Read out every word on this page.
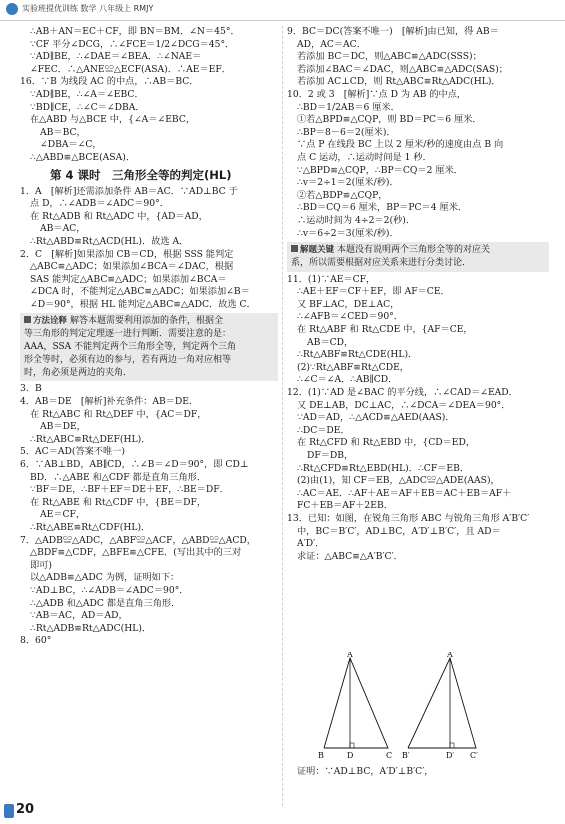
实验班提优训练 数学 八年级上 RMJY
∴AB＋AN＝EC＋CF，即 BN＝BM．∠N＝45°．
∵CF 平分∠DCG，∴∠FCE＝1/2∠DCG＝45°．
∵AD∥BE，∴∠DAE＝∠BEA．∴∠NAE＝
∠FEC．∴△ANE≌△ECF(ASA)．∴AE＝EF．
16．∵B 为线段 AC 的中点，∴AB＝BC．
∵AD∥BE，∴∠A＝∠EBC．
∵BD∥CE，∴∠C＝∠DBA．
在△ABD 与△BCE 中，{∠A＝∠EBC，
AB＝BC，
∠DBA＝∠C，
∴△ABD≌△BCE(ASA)．
第 4 课时　三角形全等的判定(HL)
1．A　[解析]还需添加条件 AB＝AC．∵AD⊥BC 于
点 D，∴∠ADB＝∠ADC＝90°．
在 Rt△ADB 和 Rt△ADC 中，{AD＝AD，
AB＝AC，
∴Rt△ABD≌Rt△ACD(HL)．故选 A．
2．C　[解析]如果添加 CB＝CD，根据 SSS 能判定
△ABC≌△ADC；如果添加∠BCA＝∠DAC，根据
SAS 能判定△ABC≌△ADC；如果添加∠BCA＝
∠DCA 时，不能判定△ABC≌△ADC；如果添加∠B＝
∠D＝90°，根据 HL 能判定△ABC≌△ADC．故选 C．
方法诠释 解答本题需要利用添加的条件，根据全
等三角形的判定定理逐一进行判断．需要注意的是：
AAA，SSA 不能判定两个三角形全等，判定两个三角
形全等时，必须有边的参与，若有两边一角对应相等
时，角必须是两边的夹角．
3．B
4．AB＝DE　[解析]补充条件：AB＝DE．
在 Rt△ABC 和 Rt△DEF 中，{AC＝DF，
AB＝DE，
∴Rt△ABC≌Rt△DEF(HL)．
5．AC＝AD(答案不唯一)
6．∵AB⊥BD，AB∥CD，∴∠B＝∠D＝90°，即 CD⊥
BD．∴△ABE 和△CDF 都是直角三角形．
∵BF＝DE，∴BF＋EF＝DE＋EF，∴BE＝DF．
在 Rt△ABE 和 Rt△CDF 中，{BE＝DF，
AE＝CF，
∴Rt△ABE≌Rt△CDF(HL)．
7．△ADB≌△ADC，△ABF≌△ACF，△ABD≌△ACD，
△BDF≌△CDF，△BFE≌△CFE．(写出其中的三对
即可)
以△ADB≌△ADC 为例，证明如下：
∵AD⊥BC，∴∠ADB＝∠ADC＝90°．
∴△ADB 和△ADC 都是直角三角形．
∵AB＝AC，AD＝AD，
∴Rt△ADB≌Rt△ADC(HL)．
8．60°
9．BC＝DC(答案不唯一)　[解析]由已知，得 AB＝
AD，AC＝AC．
若添加 BC＝DC，则△ABC≌△ADC(SSS)；
若添加∠BAC＝∠DAC，则△ABC≌△ADC(SAS)；
若添加 AC⊥CD，则 Rt△ABC≌Rt△ADC(HL)．
10．2 或 3　[解析]∵点 D 为 AB 的中点，
∴BD＝1/2AB＝6 厘米．
①若△BPD≌△CQP，则 BD＝PC＝6 厘米．
∴BP＝8－6＝2(厘米)．
∵点 P 在线段 BC 上以 2 厘米/秒的速度由点 B 向
点 C 运动，∴运动时间是 1 秒．
∵△BPD≌△CQP，∴BP＝CQ＝2 厘米．
∴v＝2÷1＝2(厘米/秒)．
②若△BDP≌△CQP，
∴BD＝CQ＝6 厘米，BP＝PC＝4 厘米．
∴运动时间为 4÷2＝2(秒)．
∴v＝6÷2＝3(厘米/秒)．
解题关键 本题没有说明两个三角形全等的对应关
系，所以需要根据对应关系来进行分类讨论．
11．(1)∵AE＝CF，
∴AE＋EF＝CF＋EF，即 AF＝CE．
又 BF⊥AC，DE⊥AC，
∴∠AFB＝∠CED＝90°．
在 Rt△ABF 和 Rt△CDE 中，{AF＝CE，
AB＝CD，
∴Rt△ABF≌Rt△CDE(HL)．
(2)∵Rt△ABF≌Rt△CDE，
∴∠C＝∠A．∴AB∥CD．
12．(1)∵AD 是∠BAC 的平分线，∴∠CAD＝∠EAD．
又 DE⊥AB，DC⊥AC，∴∠DCA＝∠DEA＝90°．
∵AD＝AD，∴△ACD≌△AED(AAS)．
∴DC＝DE．
在 Rt△CFD 和 Rt△EBD 中，{CD＝ED，
DF＝DB，
∴Rt△CFD≌Rt△EBD(HL)．∴CF＝EB．
(2)由(1)，知 CF＝EB，△ADC≌△ADE(AAS)，
∴AC＝AE．∴AF＋AE＝AF＋EB＝AC＋EB＝AF＋
FC＋EB＝AF＋2EB．
13．已知：如图，在锐角三角形 ABC 与锐角三角形 A′B′C′
中，BC＝B′C′，AD⊥BC，A′D′⊥B′C′，且 AD＝
A′D′．
求证：△ABC≌△A′B′C′．
A
B	D	C
A′
B′	D′ C′
证明：∵AD⊥BC，A′D′⊥B′C′，
20
